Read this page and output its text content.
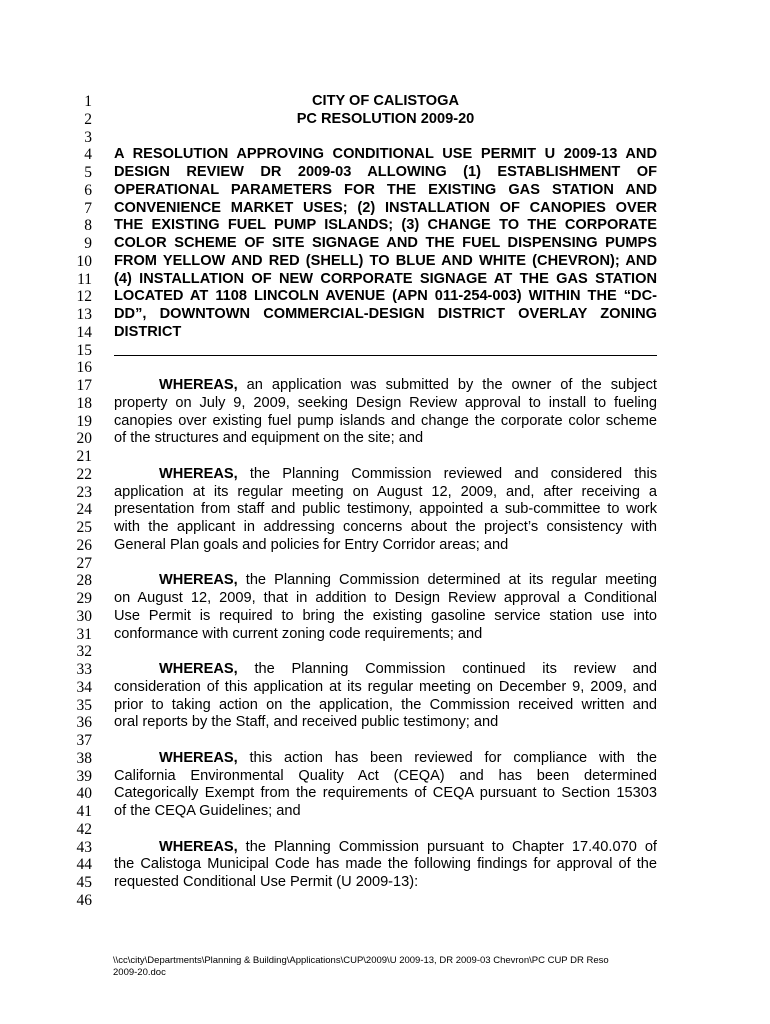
1
2
3
4
5
6
7
8
9
10
11
12
13
14
15
16
17
18
19
20
21
22
23
24
25
26
27
28
29
30
31
32
33
34
35
36
37
38
39
40
41
42
43
44
45
46
CITY OF CALISTOGA
PC RESOLUTION 2009-20
A RESOLUTION APPROVING CONDITIONAL USE PERMIT U 2009-13 AND
DESIGN REVIEW DR 2009-03 ALLOWING (1) ESTABLISHMENT OF
OPERATIONAL PARAMETERS FOR THE EXISTING GAS STATION AND
CONVENIENCE MARKET USES; (2) INSTALLATION OF CANOPIES OVER
THE EXISTING FUEL PUMP ISLANDS; (3) CHANGE TO THE CORPORATE
COLOR SCHEME OF SITE SIGNAGE AND THE FUEL DISPENSING PUMPS
FROM YELLOW AND RED (SHELL) TO BLUE AND WHITE (CHEVRON); AND
(4) INSTALLATION OF NEW CORPORATE SIGNAGE AT THE GAS STATION
LOCATED AT 1108 LINCOLN AVENUE (APN 011-254-003) WITHIN THE “DC-
DD”, DOWNTOWN COMMERCIAL-DESIGN DISTRICT OVERLAY ZONING
DISTRICT
WHEREAS, an application was submitted by the owner of the subject
property on July 9, 2009, seeking Design Review approval to install to fueling
canopies over existing fuel pump islands and change the corporate color scheme
of the structures and equipment on the site; and
WHEREAS, the Planning Commission reviewed and considered this
application at its regular meeting on August 12, 2009, and, after receiving a
presentation from staff and public testimony, appointed a sub-committee to work
with the applicant in addressing concerns about the project’s consistency with
General Plan goals and policies for Entry Corridor areas; and
WHEREAS, the Planning Commission determined at its regular meeting
on August 12, 2009, that in addition to Design Review approval a Conditional
Use Permit is required to bring the existing gasoline service station use into
conformance with current zoning code requirements; and
WHEREAS, the Planning Commission continued its review and
consideration of this application at its regular meeting on December 9, 2009, and
prior to taking action on the application, the Commission received written and
oral reports by the Staff, and received public testimony; and
WHEREAS, this action has been reviewed for compliance with the
California Environmental Quality Act (CEQA) and has been determined
Categorically Exempt from the requirements of CEQA pursuant to Section 15303
of the CEQA Guidelines; and
WHEREAS, the Planning Commission pursuant to Chapter 17.40.070 of
the Calistoga Municipal Code has made the following findings for approval of the
requested Conditional Use Permit (U 2009-13):
\\cc\city\Departments\Planning & Building\Applications\CUP\2009\U 2009-13, DR 2009-03 Chevron\PC CUP DR Reso
2009-20.doc
